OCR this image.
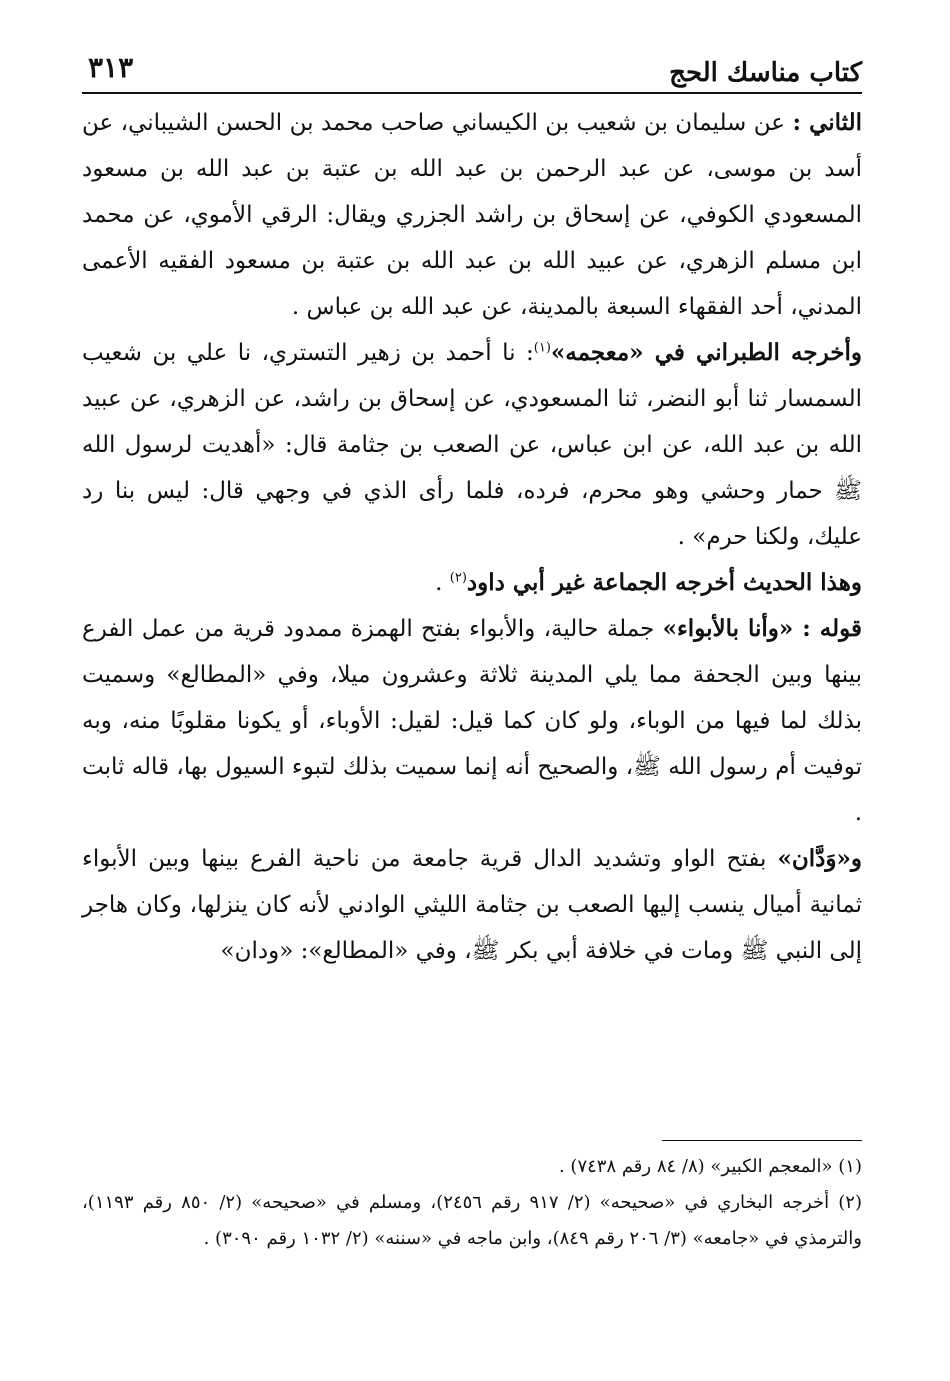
كتاب مناسك الحج
٣١٣

الثاني : عن سليمان بن شعيب بن الكيساني صاحب محمد بن الحسن الشيباني، عن أسد بن موسى، عن عبد الرحمن بن عبد الله بن عتبة بن عبد الله بن مسعود المسعودي الكوفي، عن إسحاق بن راشد الجزري ويقال: الرقي الأموي، عن محمد ابن مسلم الزهري، عن عبيد الله بن عبد الله بن عتبة بن مسعود الفقيه الأعمى المدني، أحد الفقهاء السبعة بالمدينة، عن عبد الله بن عباس .

وأخرجه الطبراني في «معجمه»$^{(١)}$: نا أحمد بن زهير التستري، نا علي بن شعيب السمسار ثنا أبو النضر، ثنا المسعودي، عن إسحاق بن راشد، عن الزهري، عن عبيد الله بن عبد الله، عن ابن عباس، عن الصعب بن جثامة قال: «أهديت لرسول الله ﷺ حمار وحشي وهو محرم، فرده، فلما رأى الذي في وجهي قال: ليس بنا رد عليك، ولكنا حرم» .

وهذا الحديث أخرجه الجماعة غير أبي داود$^{(٢)}$ .

قوله : «وأنا بالأبواء» جملة حالية، والأبواء بفتح الهمزة ممدود قرية من عمل الفرع بينها وبين الجحفة مما يلي المدينة ثلاثة وعشرون ميلا، وفي «المطالع» وسميت بذلك لما فيها من الوباء، ولو كان كما قيل: لقيل: الأوباء، أو يكونا مقلوبًا منه، وبه توفيت أم رسول الله ﷺ، والصحيح أنه إنما سميت بذلك لتبوء السيول بها، قاله ثابت .

و«وَدَّان» بفتح الواو وتشديد الدال قرية جامعة من ناحية الفرع بينها وبين الأبواء ثمانية أميال ينسب إليها الصعب بن جثامة الليثي الوادني لأنه كان ينزلها، وكان هاجر إلى النبي ﷺ ومات في خلافة أبي بكر ﷺ، وفي «المطالع»: «ودان»

(١) «المعجم الكبير» (٨/ ٨٤ رقم ٧٤٣٨) .

(٢) أخرجه البخاري في «صحيحه» (٢/ ٩١٧ رقم ٢٤٥٦)، ومسلم في «صحيحه» (٢/ ٨٥٠ رقم ١١٩٣)، والترمذي في «جامعه» (٣/ ٢٠٦ رقم ٨٤٩)، وابن ماجه في «سننه» (٢/ ١٠٣٢ رقم ٣٠٩٠) .
